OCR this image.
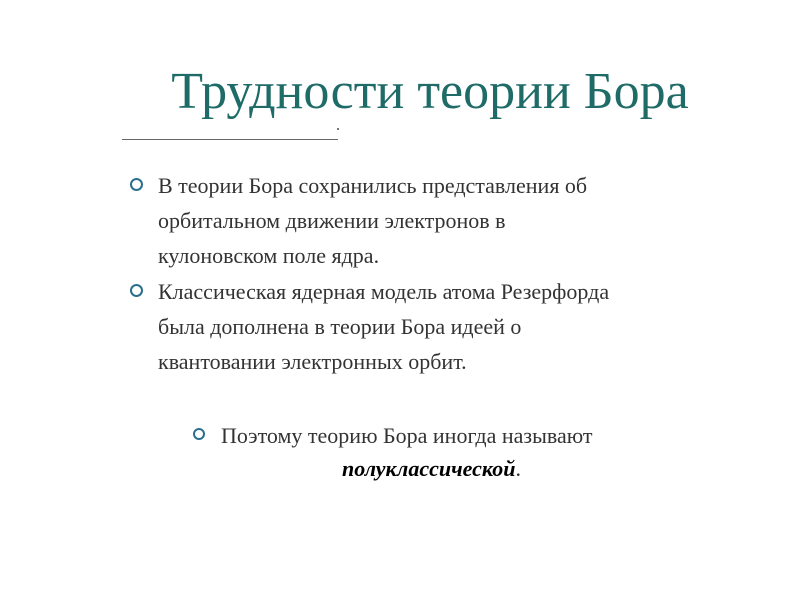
Трудности теории Бора
В теории Бора сохранились представления об
орбитальном движении электронов в
кулоновском поле ядра.
Классическая ядерная модель атома Резерфорда
была дополнена в теории Бора идеей о
квантовании электронных орбит.
Поэтому теорию Бора иногда называют
полуклассической.
